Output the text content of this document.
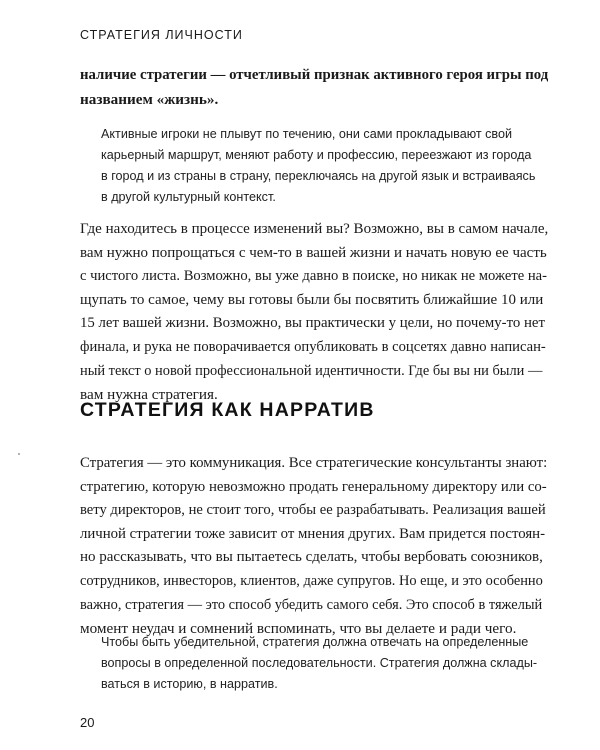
СТРАТЕГИЯ ЛИЧНОСТИ
наличие стратегии — отчетливый признак активного героя игры под
названием «жизнь».
Активные игроки не плывут по течению, они сами прокладывают свой
карьерный маршрут, меняют работу и профессию, переезжают из города
в город и из страны в страну, переключаясь на другой язык и встраиваясь
в другой культурный контекст.
Где находитесь в процессе изменений вы? Возможно, вы в самом начале,
вам нужно попрощаться с чем-то в вашей жизни и начать новую ее часть
с чистого листа. Возможно, вы уже давно в поиске, но никак не можете на-
щупать то самое, чему вы готовы были бы посвятить ближайшие 10 или
15 лет вашей жизни. Возможно, вы практически у цели, но почему-то нет
финала, и рука не поворачивается опубликовать в соцсетях давно написан-
ный текст о новой профессиональной идентичности. Где бы вы ни были —
вам нужна стратегия.
СТРАТЕГИЯ КАК НАРРАТИВ
Стратегия — это коммуникация. Все стратегические консультанты знают:
стратегию, которую невозможно продать генеральному директору или со-
вету директоров, не стоит того, чтобы ее разрабатывать. Реализация вашей
личной стратегии тоже зависит от мнения других. Вам придется постоян-
но рассказывать, что вы пытаетесь сделать, чтобы вербовать союзников,
сотрудников, инвесторов, клиентов, даже супругов. Но еще, и это особенно
важно, стратегия — это способ убедить самого себя. Это способ в тяжелый
момент неудач и сомнений вспоминать, что вы делаете и ради чего.
Чтобы быть убедительной, стратегия должна отвечать на определенные
вопросы в определенной последовательности. Стратегия должна склады-
ваться в историю, в нарратив.
20
